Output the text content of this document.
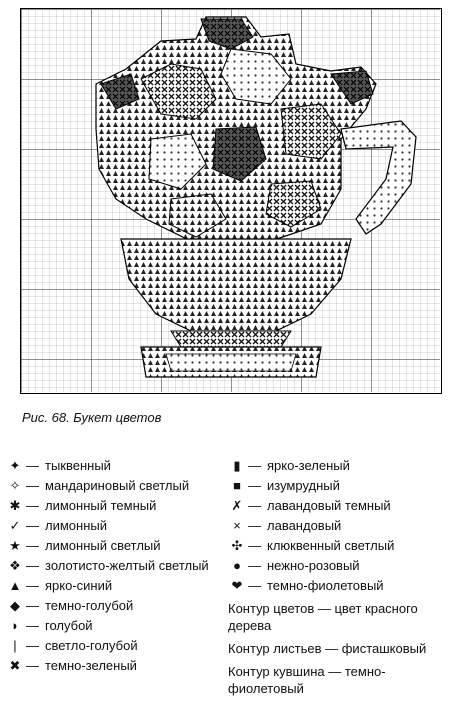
Рис. 68. Букет цветов
✦ — тыквенный
✧ — мандариновый светлый
✱ — лимонный темный
✓ — лимонный
★ — лимонный светлый
❖ — золотисто-желтый светлый
▲ — ярко-синий
◆ — темно-голубой
◗ — голубой
| — светло-голубой
✖ — темно-зеленый
▮ — ярко-зеленый
■ — изумрудный
✗ — лавандовый темный
× — лавандовый
✣ — клюквенный светлый
● — нежно-розовый
❤ — темно-фиолетовый
Контур цветов — цвет красного дерева
Контур листьев — фисташковый
Контур кувшина — темно-фиолетовый
